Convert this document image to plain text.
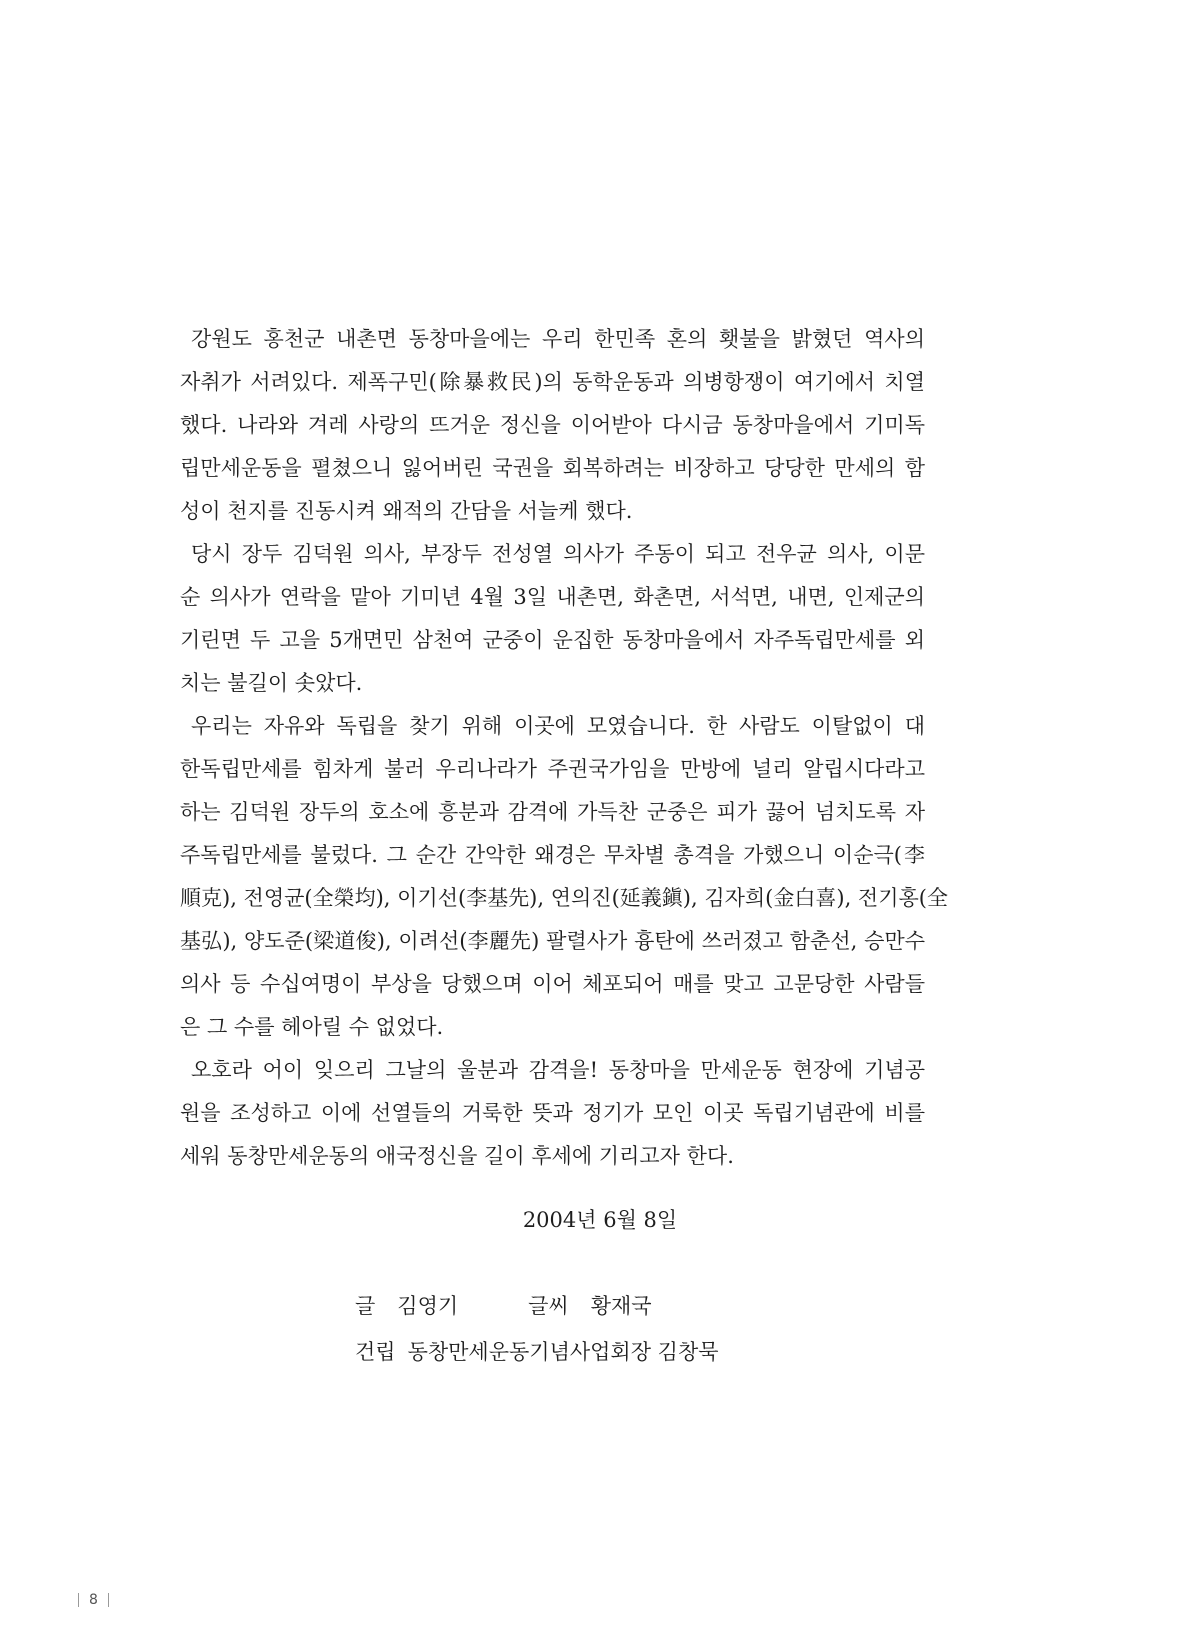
강원도 홍천군 내촌면 동창마을에는 우리 한민족 혼의 횃불을 밝혔던 역사의
자취가 서려있다. 제폭구민(除暴救民)의 동학운동과 의병항쟁이 여기에서 치열
했다. 나라와 겨레 사랑의 뜨거운 정신을 이어받아 다시금 동창마을에서 기미독
립만세운동을 펼쳤으니 잃어버린 국권을 회복하려는 비장하고 당당한 만세의 함
성이 천지를 진동시켜 왜적의 간담을 서늘케 했다.
당시 장두 김덕원 의사, 부장두 전성열 의사가 주동이 되고 전우균 의사, 이문
순 의사가 연락을 맡아 기미년 4월 3일 내촌면, 화촌면, 서석면, 내면, 인제군의
기린면 두 고을 5개면민 삼천여 군중이 운집한 동창마을에서 자주독립만세를 외
치는 불길이 솟았다.
우리는 자유와 독립을 찾기 위해 이곳에 모였습니다. 한 사람도 이탈없이 대
한독립만세를 힘차게 불러 우리나라가 주권국가임을 만방에 널리 알립시다라고
하는 김덕원 장두의 호소에 흥분과 감격에 가득찬 군중은 피가 끓어 넘치도록 자
주독립만세를 불렀다. 그 순간 간악한 왜경은 무차별 총격을 가했으니 이순극(李
順克), 전영균(全榮均), 이기선(李基先), 연의진(延義鎭), 김자희(金白喜), 전기홍(全
基弘), 양도준(梁道俊), 이려선(李麗先) 팔렬사가 흉탄에 쓰러졌고 함춘선, 승만수
의사 등 수십여명이 부상을 당했으며 이어 체포되어 매를 맞고 고문당한 사람들
은 그 수를 헤아릴 수 없었다.
오호라 어이 잊으리 그날의 울분과 감격을! 동창마을 만세운동 현장에 기념공
원을 조성하고 이에 선열들의 거룩한 뜻과 정기가 모인 이곳 독립기념관에 비를
세워 동창만세운동의 애국정신을 길이 후세에 기리고자 한다.
2004년 6월 8일
글 김영기	글씨 황재국
건립 동창만세운동기념사업회장 김창묵
8
